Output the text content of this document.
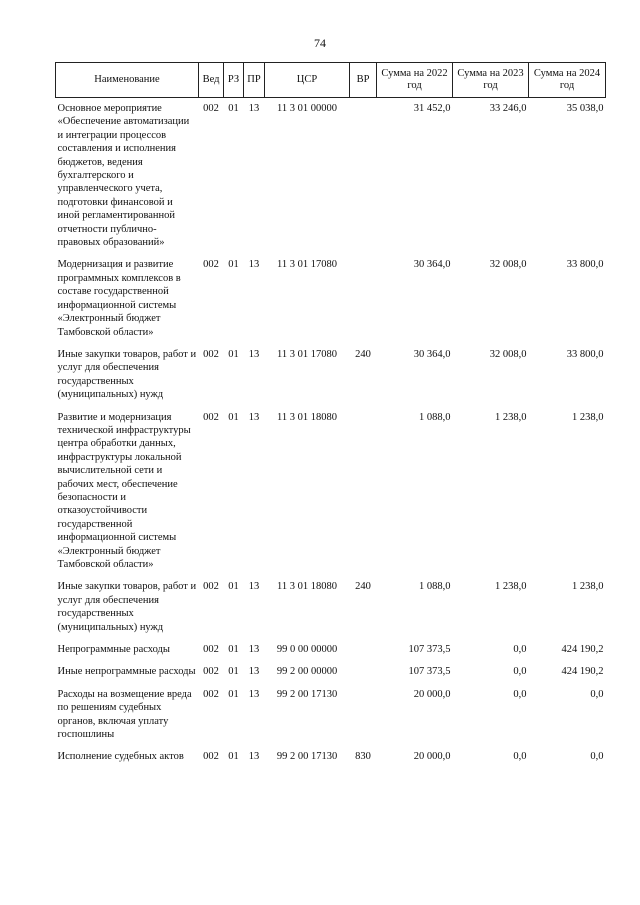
74
Наименование	Вед	РЗ	ПР	ЦСР	ВР	Сумма на 2022 год	Сумма на 2023 год	Сумма на 2024 год
Основное мероприятие «Обеспечение автоматизации и интеграции процессов составления и исполнения бюджетов, ведения бухгалтерского и управленческого учета, подготовки финансовой и иной регламентированной отчетности публично-правовых образований»	002	01	13	11 3 01 00000		31 452,0	33 246,0	35 038,0
Модернизация и развитие программных комплексов в составе государственной информационной системы «Электронный бюджет Тамбовской области»	002	01	13	11 3 01 17080		30 364,0	32 008,0	33 800,0
Иные закупки товаров, работ и услуг для обеспечения государственных (муниципальных) нужд	002	01	13	11 3 01 17080	240	30 364,0	32 008,0	33 800,0
Развитие и модернизация технической инфраструктуры центра обработки данных, инфраструктуры локальной вычислительной сети и рабочих мест, обеспечение безопасности и отказоустойчивости государственной информационной системы «Электронный бюджет Тамбовской области»	002	01	13	11 3 01 18080		1 088,0	1 238,0	1 238,0
Иные закупки товаров, работ и услуг для обеспечения государственных (муниципальных) нужд	002	01	13	11 3 01 18080	240	1 088,0	1 238,0	1 238,0
Непрограммные расходы	002	01	13	99 0 00 00000		107 373,5	0,0	424 190,2
Иные непрограммные расходы	002	01	13	99 2 00 00000		107 373,5	0,0	424 190,2
Расходы на возмещение вреда по решениям судебных органов, включая уплату госпошлины	002	01	13	99 2 00 17130		20 000,0	0,0	0,0
Исполнение судебных актов	002	01	13	99 2 00 17130	830	20 000,0	0,0	0,0
